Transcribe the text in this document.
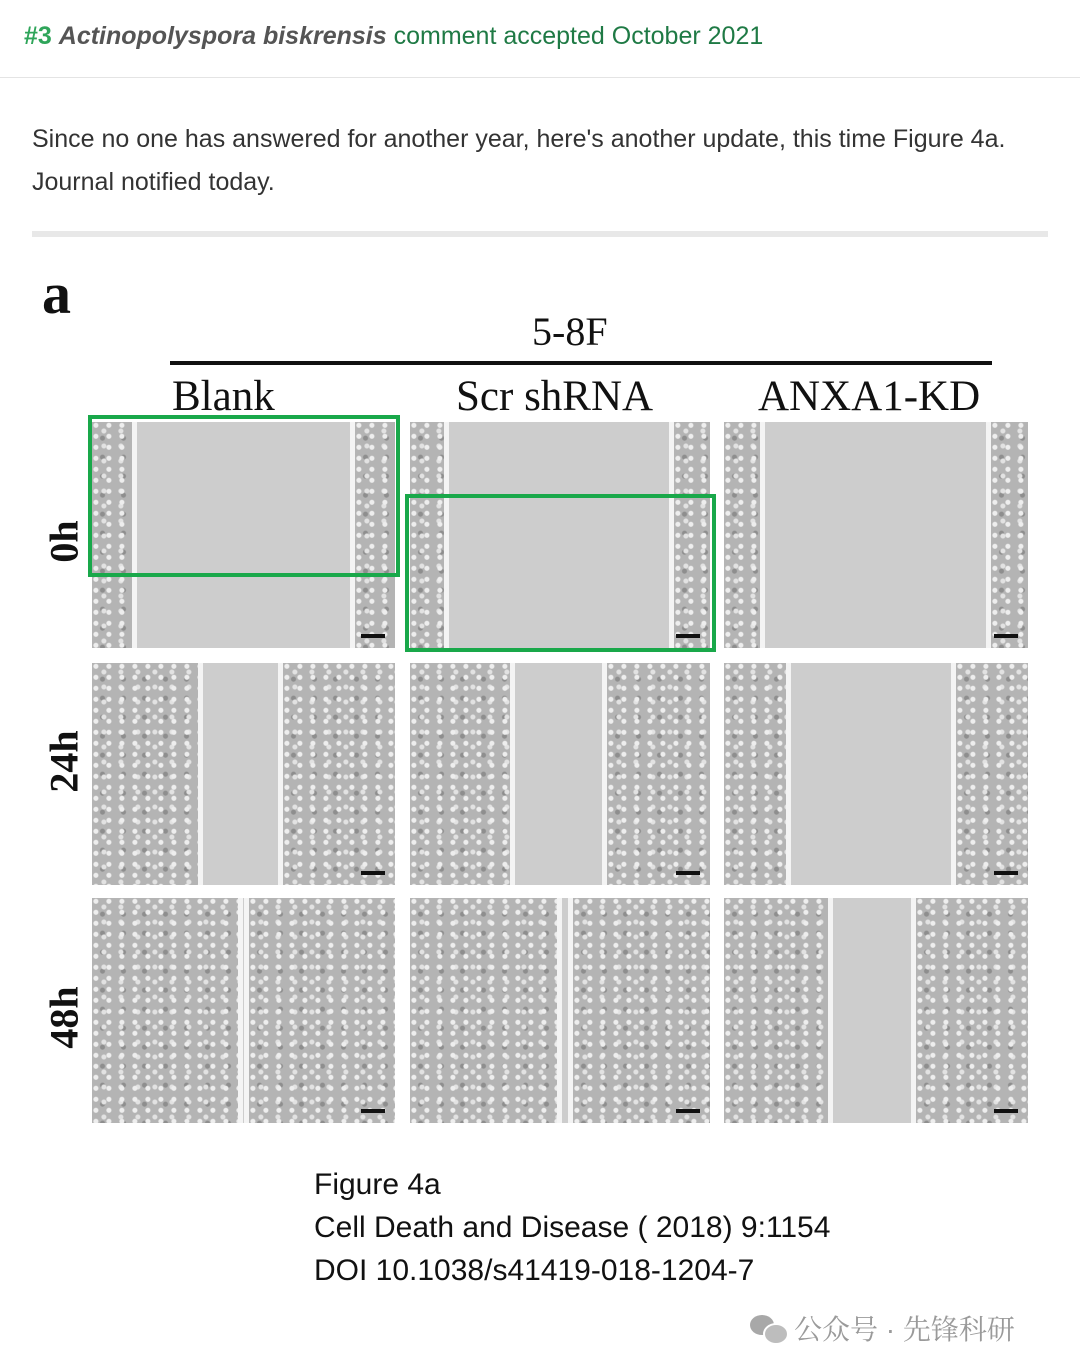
#3 Actinopolyspora biskrensis comment accepted October 2021
Since no one has answered for another year, here's another update, this time Figure 4a.
Journal notified today.
a
5-8F
Blank	Scr shRNA ANXA1-KD
0h
24h
48h
Figure 4a
Cell Death and Disease ( 2018) 9:1154
DOI 10.1038/s41419-018-1204-7
公众号 · 先锋科研
